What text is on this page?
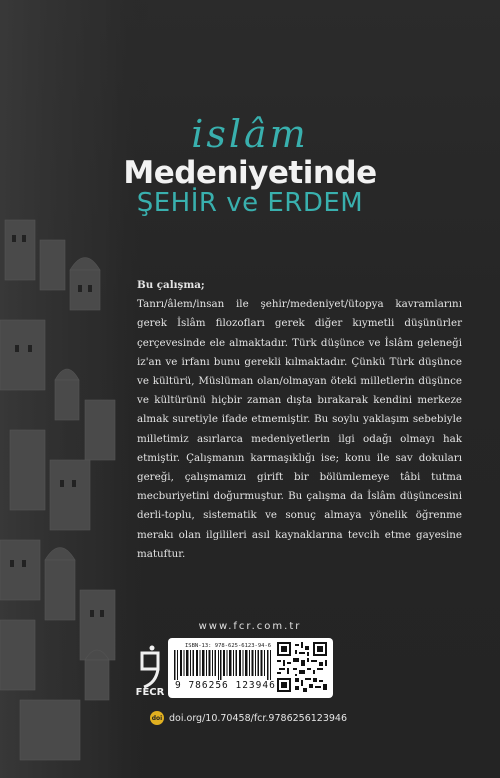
islâm
Medeniyetinde
ŞEHİR ve ERDEM
Bu çalışma;
Tanrı/âlem/insan ile şehir/medeniyet/ütopya kavramlarını gerek İslâm filozofları gerek diğer kıymetli düşünürler çerçevesinde ele almaktadır. Türk düşünce ve İslâm geleneği iz'an ve irfanı bunu gerekli kılmaktadır. Çünkü Türk düşünce ve kültürü, Müslüman olan/olmayan öteki milletlerin düşünce ve kültürünü hiçbir zaman dışta bırakarak kendini merkeze almak suretiyle ifade etmemiştir. Bu soylu yaklaşım sebebiyle milletimiz asırlarca medeniyetlerin ilgi odağı olmayı hak etmiştir. Çalışmanın karmaşıklığı ise; konu ile sav dokuları gereği, çalışmamızı girift bir bölümlemeye tâbi tutma mecburiyetini doğurmuştur. Bu çalışma da İslâm düşüncesini derli-toplu, sistematik ve sonuç almaya yönelik öğrenme merakı olan ilgilileri asıl kaynaklarına tevcih etme gayesine matuftur.
www.fcr.com.tr
FECR
ISBN-13: 978-625-6123-94-6
9 786256 123946
doi doi.org/10.70458/fcr.9786256123946
